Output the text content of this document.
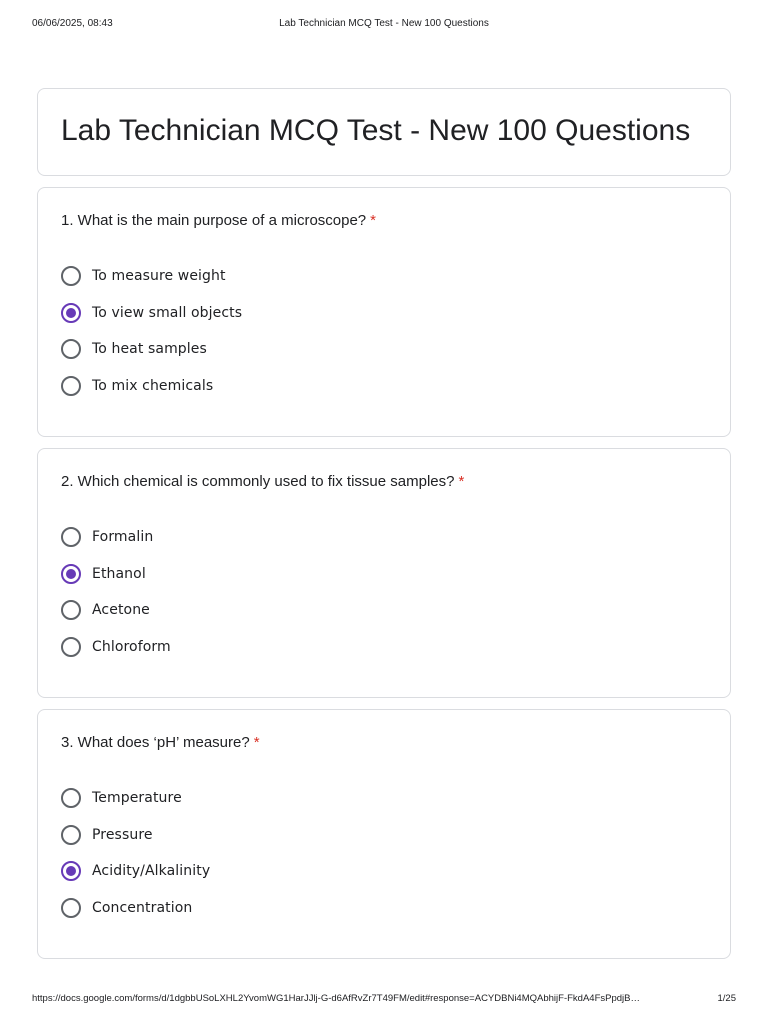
06/06/2025, 08:43	Lab Technician MCQ Test - New 100 Questions
Lab Technician MCQ Test - New 100 Questions
1. What is the main purpose of a microscope? *
To measure weight
To view small objects
To heat samples
To mix chemicals
2. Which chemical is commonly used to fix tissue samples? *
Formalin
Ethanol
Acetone
Chloroform
3. What does ‘pH’ measure? *
Temperature
Pressure
Acidity/Alkalinity
Concentration
https://docs.google.com/forms/d/1dgbbUSoLXHL2YvomWG1HarJJlj-G-d6AfRvZr7T49FM/edit#response=ACYDBNi4MQAbhijF-FkdA4FsPpdjB…	1/25
